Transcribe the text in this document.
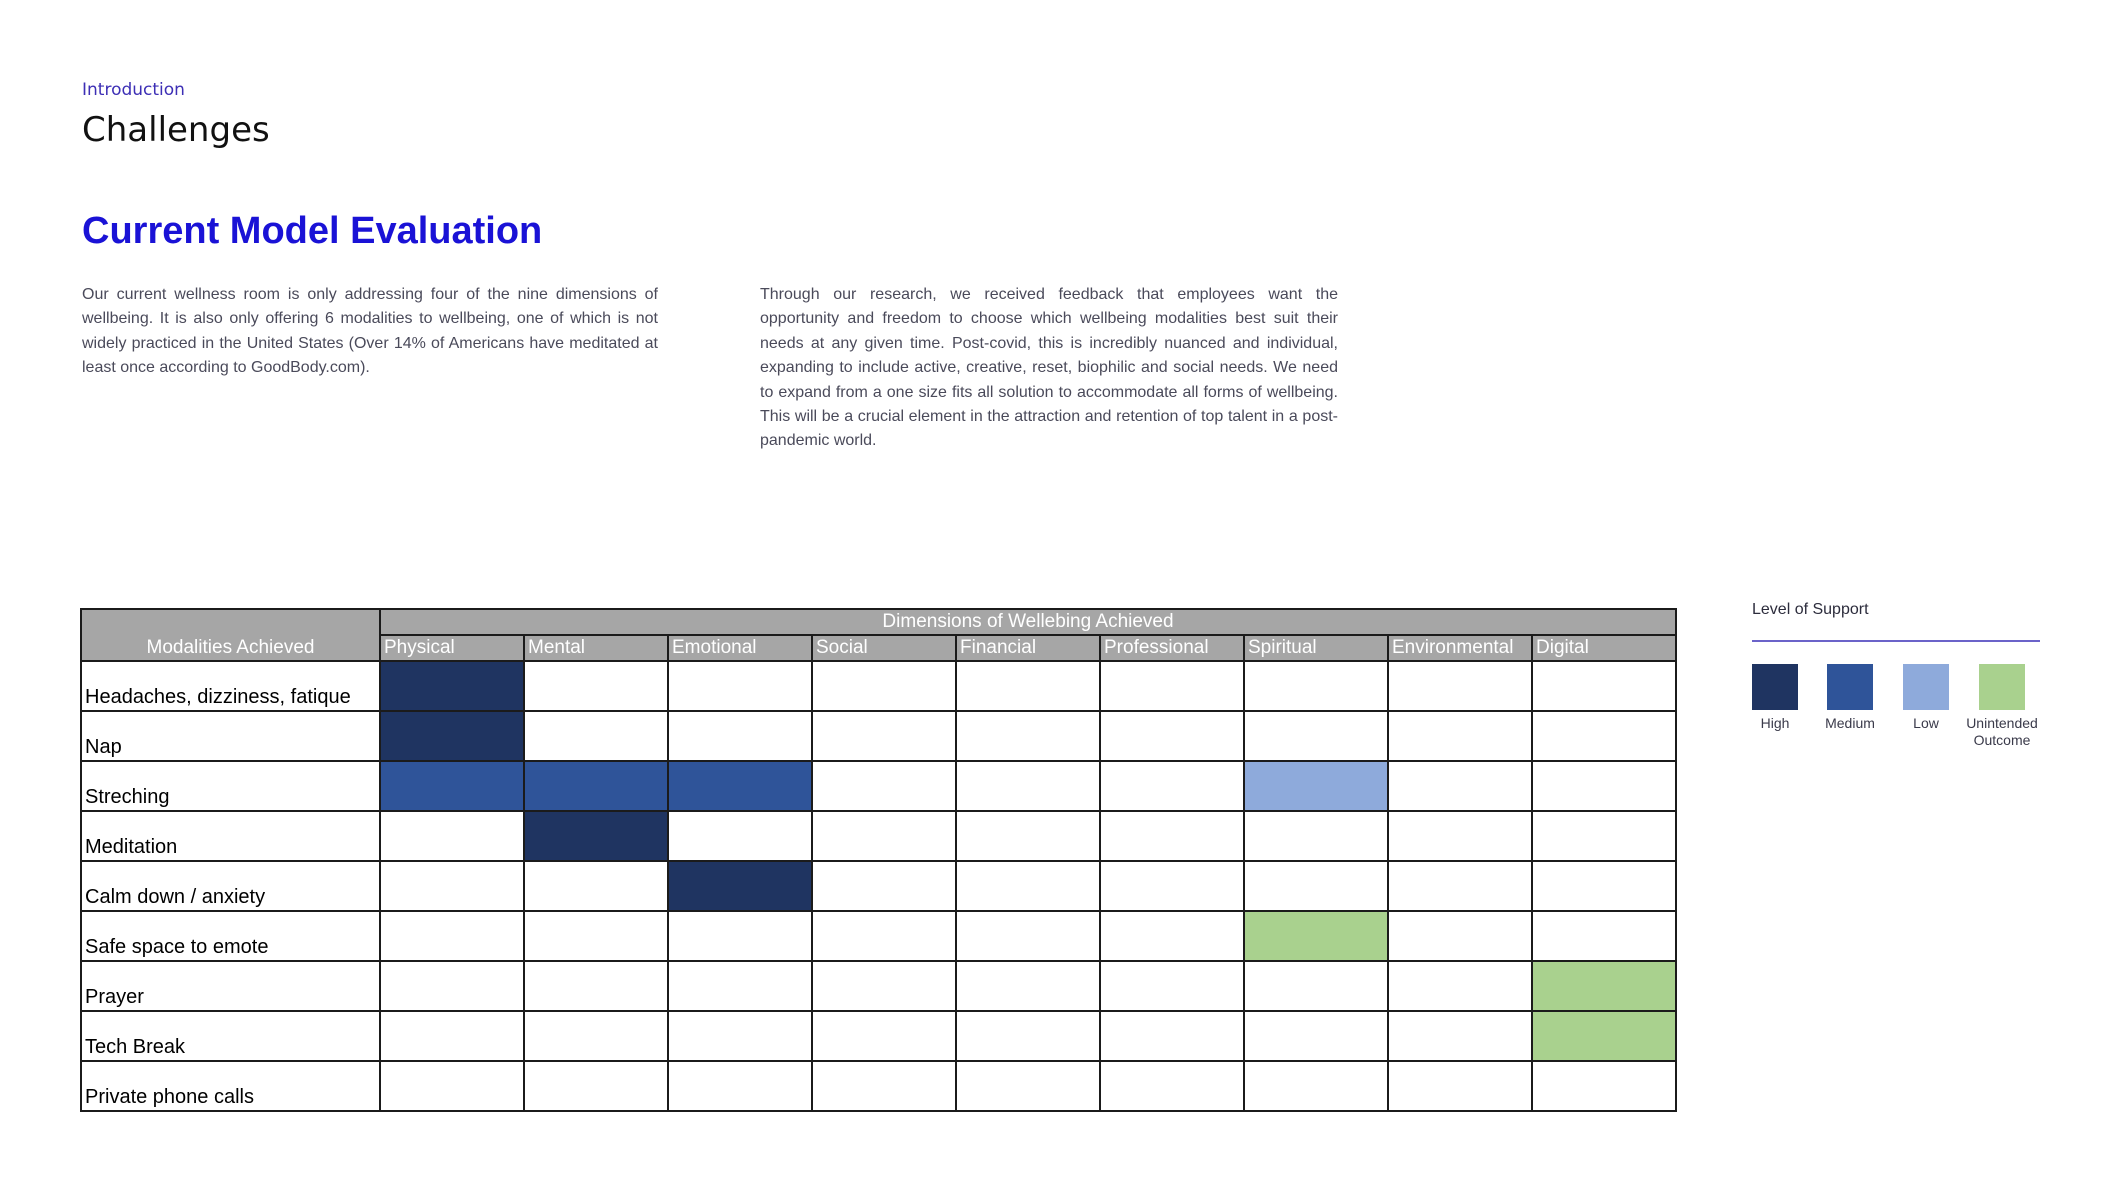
Introduction
Challenges
Current Model Evaluation
Our current wellness room is only addressing four of the nine dimensions of wellbeing. It is also only offering 6 modalities to wellbeing, one of which is not widely practiced in the United States (Over 14% of Americans have meditated at least once according to GoodBody.com).
Through our research, we received feedback that employees want the opportunity and freedom to choose which wellbeing modalities best suit their needs at any given time. Post-covid, this is incredibly nuanced and individual, expanding to include active, creative, reset, biophilic and social needs. We need to expand from a one size fits all solution to accommodate all forms of wellbeing. This will be a crucial element in the attraction and retention of top talent in a post-pandemic world.
Modalities Achieved	Dimensions of Wellebing Achieved								
	Physical	Mental	Emotional	Social	Financial	Professional	Spiritual	Environmental	Digital
Headaches, dizziness, fatique									
Nap									
Streching									
Meditation									
Calm down / anxiety									
Safe space to emote									
Prayer									
Tech Break									
Private phone calls									
Level of Support
High	Medium	Low	Unintended Outcome
